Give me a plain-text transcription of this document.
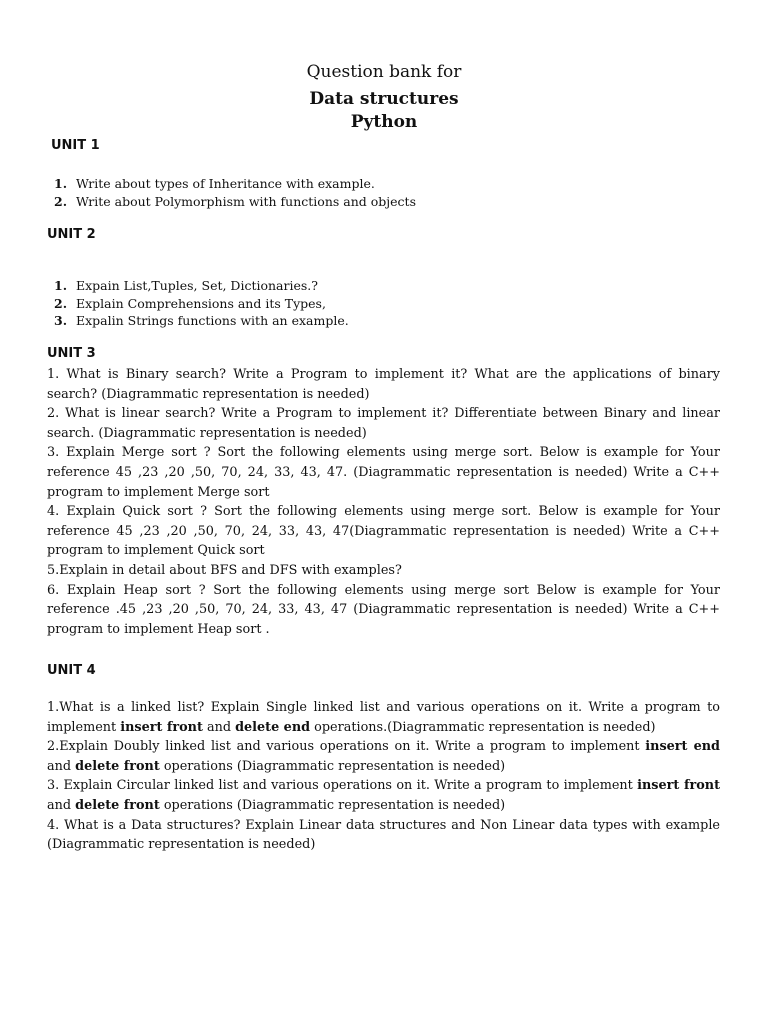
Question bank for
Data structures
Python
UNIT 1
1. Write about types of Inheritance with example.
2. Write about Polymorphism with functions and objects
UNIT 2
1. Expain List,Tuples, Set, Dictionaries.?
2. Explain Comprehensions and its Types,
3. Expalin Strings functions with an example.
UNIT 3

1. What is Binary search? Write a Program to implement it? What are the applications of binary search? (Diagrammatic representation is needed)

2. What is linear search? Write a Program to implement it? Differentiate between Binary and linear search. (Diagrammatic representation is needed)

3. Explain Merge sort ? Sort the following elements using merge sort. Below is example for Your reference 45 ,23 ,20 ,50, 70, 24, 33, 43, 47. (Diagrammatic representation is needed) Write a C++ program to implement Merge sort

4. Explain Quick sort ? Sort the following elements using merge sort. Below is example for Your reference 45 ,23 ,20 ,50, 70, 24, 33, 43, 47(Diagrammatic representation is needed) Write a C++ program to implement Quick sort

5.Explain in detail about BFS and DFS with examples?

6. Explain Heap sort ? Sort the following elements using merge sort Below is example for Your reference .45 ,23 ,20 ,50, 70, 24, 33, 43, 47 (Diagrammatic representation is needed) Write a C++ program to implement Heap sort .

UNIT 4

1.What is a linked list? Explain Single linked list and various operations on it. Write a program to implement insert front and delete end operations.(Diagrammatic representation is needed)

2.Explain Doubly linked list and various operations on it. Write a program to implement insert end and delete front operations (Diagrammatic representation is needed)

3. Explain Circular linked list and various operations on it. Write a program to implement insert front and delete front operations (Diagrammatic representation is needed)

4. What is a Data structures? Explain Linear data structures and Non Linear data types with example (Diagrammatic representation is needed)
